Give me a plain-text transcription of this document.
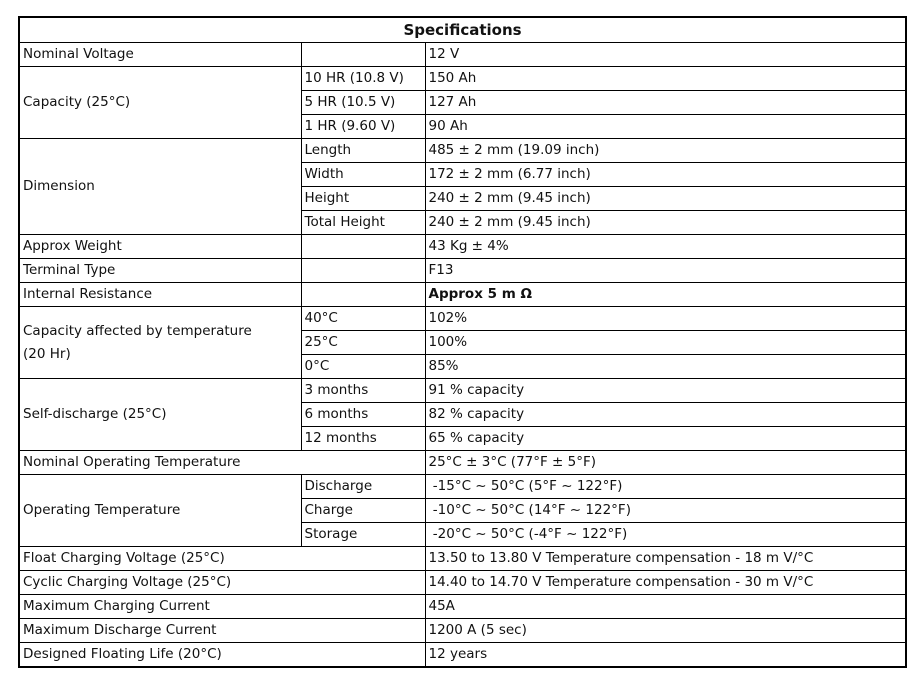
Specifications		
Nominal Voltage		12 V
Capacity (25°C)	10 HR (10.8 V)	150 Ah
	5 HR (10.5 V)	127 Ah
	1 HR (9.60 V)	90 Ah
Dimension	Length	485 ± 2 mm (19.09 inch)
	Width	172 ± 2 mm (6.77 inch)
	Height	240 ± 2 mm (9.45 inch)
	Total Height	240 ± 2 mm (9.45 inch)
Approx Weight		43 Kg ± 4%
Terminal Type		F13
Internal Resistance		Approx 5 m Ω

Capacity affected by temperature
(20 Hr)	40°C	102%
	25°C	100%
	0°C	85%
Self-discharge (25°C)	3 months	91 % capacity
	6 months	82 % capacity
	12 months	65 % capacity
Nominal Operating Temperature		25°C ± 3°C (77°F ± 5°F)
Operating Temperature	Discharge	-15°C ~ 50°C (5°F ~ 122°F)
	Charge	-10°C ~ 50°C (14°F ~ 122°F)
	Storage	-20°C ~ 50°C (-4°F ~ 122°F)
Float Charging Voltage (25°C)		13.50 to 13.80 V Temperature compensation - 18 m V/°C
Cyclic Charging Voltage (25°C)		14.40 to 14.70 V Temperature compensation - 30 m V/°C
Maximum Charging Current		45A
Maximum Discharge Current		1200 A (5 sec)
Designed Floating Life (20°C)		12 years
